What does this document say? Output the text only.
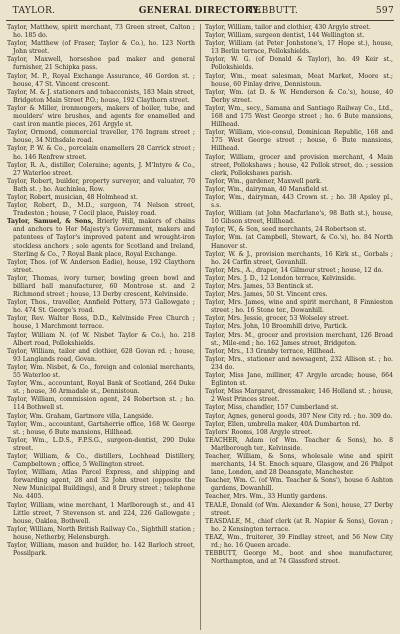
TAYLOR.	GENERAL DIRECTORY.
TEBBUTT.	597

Taylor, Matthew, spirit merchant, 73 Green street, Calton ; ho. 185 do.

Taylor, Matthew (of Fraser, Taylor & Co.), ho. 123 North John street.

Taylor, Maxwell, horseshoe pad maker and general furnisher, 21 Schipka pass.

Taylor, M. P., Royal Exchange Assurance, 46 Gordon st. ; house, 47 St. Vincent crescent.

Taylor, M. & J. stationers and tobacconists, 183 Main street, Bridgeton Main Street P.O.; house, 192 Claythorn street.

Taylor & Miller, ironmongers, makers of boiler, tube, and moulders' wire brushes, and agents for enamelled and cast iron mantle pieces, 261 Argyle st.

Taylor, Ormond, commercial traveller, 176 Ingram street ; house, 34 Nithsdale road.

Taylor, P. W. & Co., porcelain enamellers 28 Carrick street ; ho. 146 Renfrew street.

Taylor, R. A., distiller, Coleraine; agents, J. M'Intyre & Co., 27 Waterloo street.

Taylor, Robert, builder, property surveyor, and valuator, 70 Bath st. ; ho. Auchinlea, Row.

Taylor, Robert, musician, 48 Holmhead st.

Taylor, Robert, D., M.D., surgeon, 74 Nelson street, Tradeston ; house, 7 Cecil place, Paisley road.

Taylor, Samuel, & Sons, Brierly Hill, makers of chains and anchors to Her Majesty's Government, makers and patentees of Taylor's improved patent and wrought-iron stockless anchors ; sole agents for Scotland and Ireland, Sterling & Co., 7 Royal Bank place, Royal Exchange.

Taylor, Thos. (of W. Anderson Eadie), house, 192 Claythorn street.

Taylor, Thomas, ivory turner, bowling green bowl and billiard ball manufacturer, 60 Montrose st. and 2 Richmond street ; house, 13 Derby crescent, Kelvinside.

Taylor, Thos., traveller, Annfield Pottery, 573 Gallowgate ; ho. 474 St. George's road.

Taylor, Rev. Walter Ross, D.D., Kelvinside Free Church ; house, 1 Marchmont terrace.

Taylor, William N. (of W. Nisbet Taylor & Co.), ho. 218 Albert road, Pollokshields.

Taylor, William, tailor and clothier, 628 Govan rd. ; house, 93 Langlands road, Govan.

Taylor, Wm. Nisbet, & Co., foreign and colonial merchants, 55 Waterloo st.

Taylor, Wm., accountant, Royal Bank of Scotland, 264 Duke st. ; house, 36 Armadale st., Dennistoun.

Taylor, William, commission agent, 24 Robertson st. ; ho. 114 Bothwell st.

Taylor, Wm. Graham, Gartmore villa, Langside.

Taylor, Wm., accountant, Gartsherrie office, 168 W. George st. ; house, 6 Bute mansions, Hillhead.

Taylor, Wm., L.D.S., F.P.S.G., surgeon-dentist, 290 Duke street.

Taylor, William, & Co., distillers, Lochhead Distillery, Campbeltown ; office, 5 Wellington street.

Taylor, William, Atlas Parcel Express, and shipping and forwarding agent, 28 and 32 John street (opposite the New Municipal Buildings), and 8 Drury street ; telephone No. 4405.

Taylor, William, wine merchant, 1 Marlborough st., and 41 Little street, 7 Stevenson st. and 224, 226 Gallowgate ; house, Oaklea, Bothwell.

Taylor, William, North British Railway Co., Sighthill station ; house, Netherby, Helensburgh.

Taylor, William, mason and builder, ho. 142 Barloch street, Possilpark.

Taylor, William, tailor and clothier, 430 Argyle street.

Taylor, William, surgeon dentist, 144 Wellington st.

Taylor, William (at Peter Jonhstone's, 17 Hope st.), house, 13 Berlin terrace, Pollokshields.

Taylor, W. G. (of Donald & Taylor), ho. 49 Keir st., Pollokshields.

Taylor, Wm., meat salesman, Meat Market, Moore st.; house, 60 Finlay drive, Dennistoun.

Taylor, Wm. (at D. & W. Henderson & Co.'s), house, 40 Derby street.

Taylor, Wm., secy., Samana and Santiago Railway Co., Ltd., 168 and 175 West George street ; ho. 6 Bute mansions, Hillhead.

Taylor, William, vice-consul, Dominican Republic, 168 and 175 West George street ; house, 6 Bute mansions, Hillhead.

Taylor, William, grocer and provision merchant, 4 Main street, Pollokshaws ; house, 42 Pollok street, do. ; session clerk, Pollokshaws parish.

Taylor, Wm., gardener, Maxwell park.

Taylor, Wm., dairyman, 40 Mansfield st.

Taylor, Wm., dairyman, 443 Crown st. ; ho. 38 Apsley pl., s.s.

Taylor, William (at John Macfarlane's, 98 Bath st.), house, 10 Gibson street, Hillhead.

Taylor, W., & Son, seed merchants, 24 Robertson st.

Taylor, Wm. (at Campbell, Stewart, & Co.'s), ho. 84 North Hanover st.

Taylor, W. & J., provision merchants, 16 Kirk st., Gorbals ; ho. 24 Carfin street, Govanhill.

Taylor, Mrs., A., draper, 14 Gilmour street ; house, 12 do.

Taylor, Mrs. J. D., 12 London terrace, Kelvinside.

Taylor, Mrs. James, 53 Bentinck st.

Taylor, Mrs. James, 50 St. Vincent cres.

Taylor, Mrs. James, wine and spirit merchant, 8 Finnieston street ; ho. 16 Stone ter., Dowanhill.

Taylor, Mrs. Jessie, grocer, 53 Wolseley street.

Taylor, Mrs. John, 10 Broomhill drive, Partick.

Taylor, Mrs. M., grocer and provision merchant, 126 Broad st., Mile-end ; ho. 162 James street, Bridgeton.

Taylor, Mrs., 13 Granby terrace, Hillhead.

Taylor, Mrs., stationer and newsagent, 232 Allison st. ; ho. 234 do.

Taylor, Miss Jane, milliner, 47 Argyle arcade; house, 664 Eglinton st.

Taylor, Miss Margaret, dressmaker, 146 Holland st. ; house, 2 West Princes street.

Taylor, Miss, chandler, 157 Cumberland st.

Taylor, Agnes, general goods, 307 New City rd. ; ho. 309 do.

Taylor, Ellen, umbrella maker, 40A Dumbarton rd.

Taylors' Rooms, 108 Argyle street.

TEACHER, Adam (of Wm. Teacher & Sons), ho. 8 Marlborough ter., Kelvinside.

Teacher, William, & Sons, wholesale wine and spirit merchants, 14 St. Enoch square, Glasgow, and 26 Philpot lane, London, and 28 Deansgate, Manchester.

Teacher, Wm. C. (of Wm. Teacher & Sons'), house 6 Ashton gardens, Dowanhill.

Teacher, Mrs. Wm., 33 Huntly gardens.

TEALE, Donald (of Wm. Alexander & Son), house, 27 Derby street.

TEASDALE, M., chief clerk (at R. Napier & Sons), Govan ; ho. 2 Kensington terrace.

TEAZ, Wm., fruiterer, 39 Findlay street, and 56 New City rd.; ho. 16 Queen arcade.

TEBBUTT, George M., boot and shoe manufacturer, Northampton, and at 74 Glassford street.
